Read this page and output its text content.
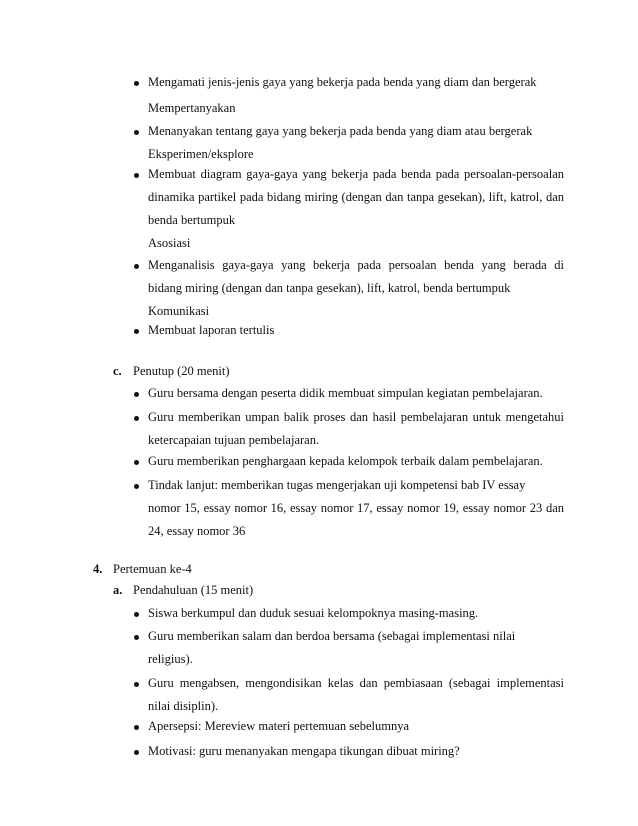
Mengamati jenis-jenis gaya yang bekerja pada benda yang diam dan bergerak
Mempertanyakan
Menanyakan tentang gaya yang bekerja pada benda yang diam atau bergerak
Eksperimen/eksplore
Membuat diagram gaya-gaya yang bekerja pada benda pada persoalan-persoalan
dinamika partikel pada bidang miring (dengan dan tanpa gesekan), lift, katrol, dan
benda bertumpuk
Asosiasi
Menganalisis gaya-gaya yang bekerja pada persoalan benda yang berada di
bidang miring (dengan dan tanpa gesekan), lift, katrol, benda bertumpuk
Komunikasi
Membuat laporan tertulis
c. Penutup (20 menit)
Guru bersama dengan peserta didik membuat simpulan kegiatan pembelajaran.
Guru memberikan umpan balik proses dan hasil pembelajaran untuk mengetahui
ketercapaian tujuan pembelajaran.
Guru memberikan penghargaan kepada kelompok terbaik dalam pembelajaran.
Tindak lanjut: memberikan tugas mengerjakan uji kompetensi bab IV essay
nomor 15, essay nomor 16, essay nomor 17, essay nomor 19, essay nomor 23 dan
24, essay nomor 36
4. Pertemuan ke-4
a. Pendahuluan (15 menit)
Siswa berkumpul dan duduk sesuai kelompoknya masing-masing.
Guru memberikan salam dan berdoa bersama (sebagai implementasi nilai
religius).
Guru mengabsen, mengondisikan kelas dan pembiasaan (sebagai implementasi
nilai disiplin).
Apersepsi: Mereview materi pertemuan sebelumnya
Motivasi: guru menanyakan mengapa tikungan dibuat miring?
